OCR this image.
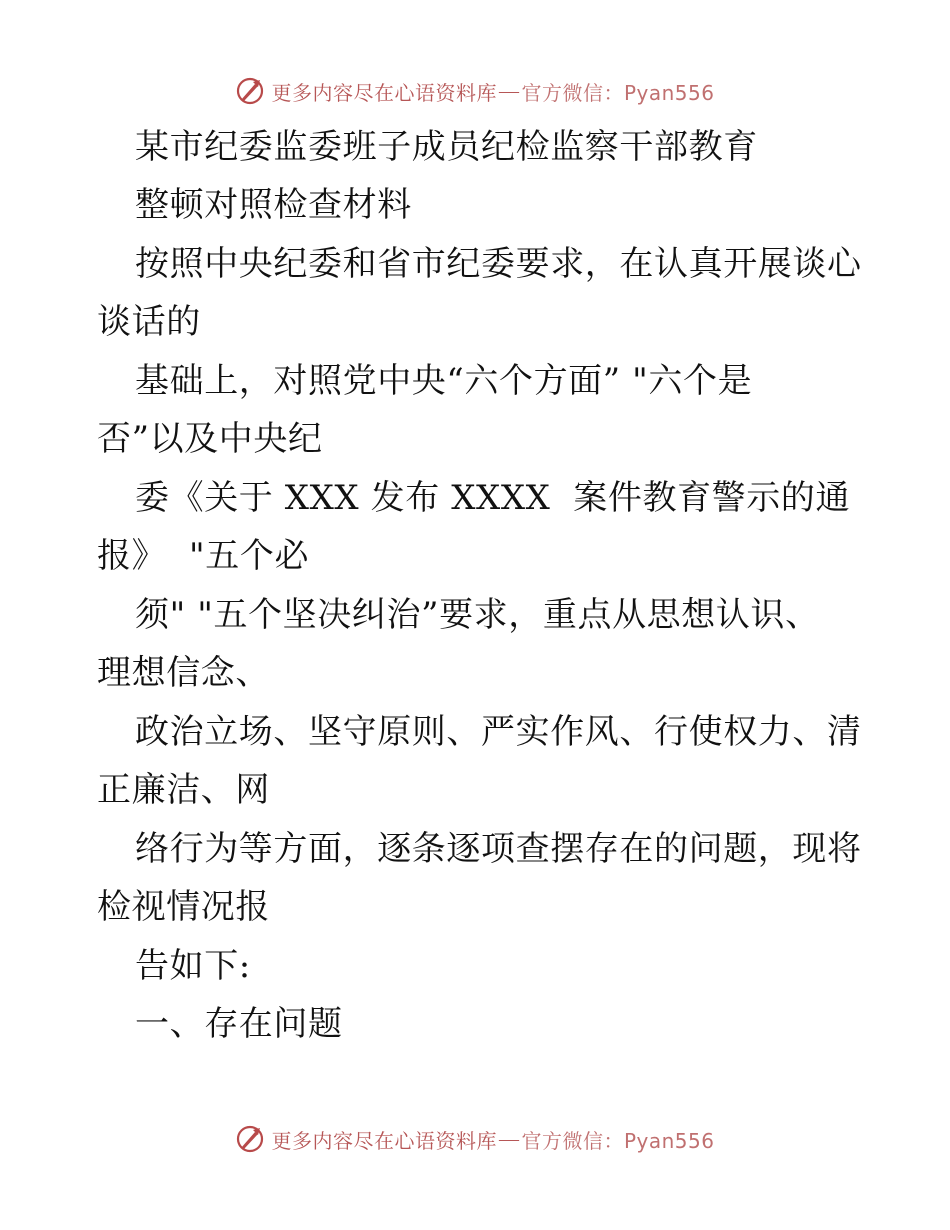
更多内容尽在心语资料库 — 官方微信：Pyan556
某市纪委监委班子成员纪检监察干部教育
整顿对照检查材料
按照中央纪委和省市纪委要求，在认真开展谈心
谈话的
基础上，对照党中央“六个方面” "六个是
否”以及中央纪
委《关于 XXX 发布 XXXX  案件教育警示的通
报》  "五个必
须" "五个坚决纠治”要求，重点从思想认识、
理想信念、
政治立场、坚守原则、严实作风、行使权力、清
正廉洁、网
络行为等方面，逐条逐项查摆存在的问题，现将
检视情况报
告如下:
一、存在问题
更多内容尽在心语资料库 — 官方微信：Pyan556
